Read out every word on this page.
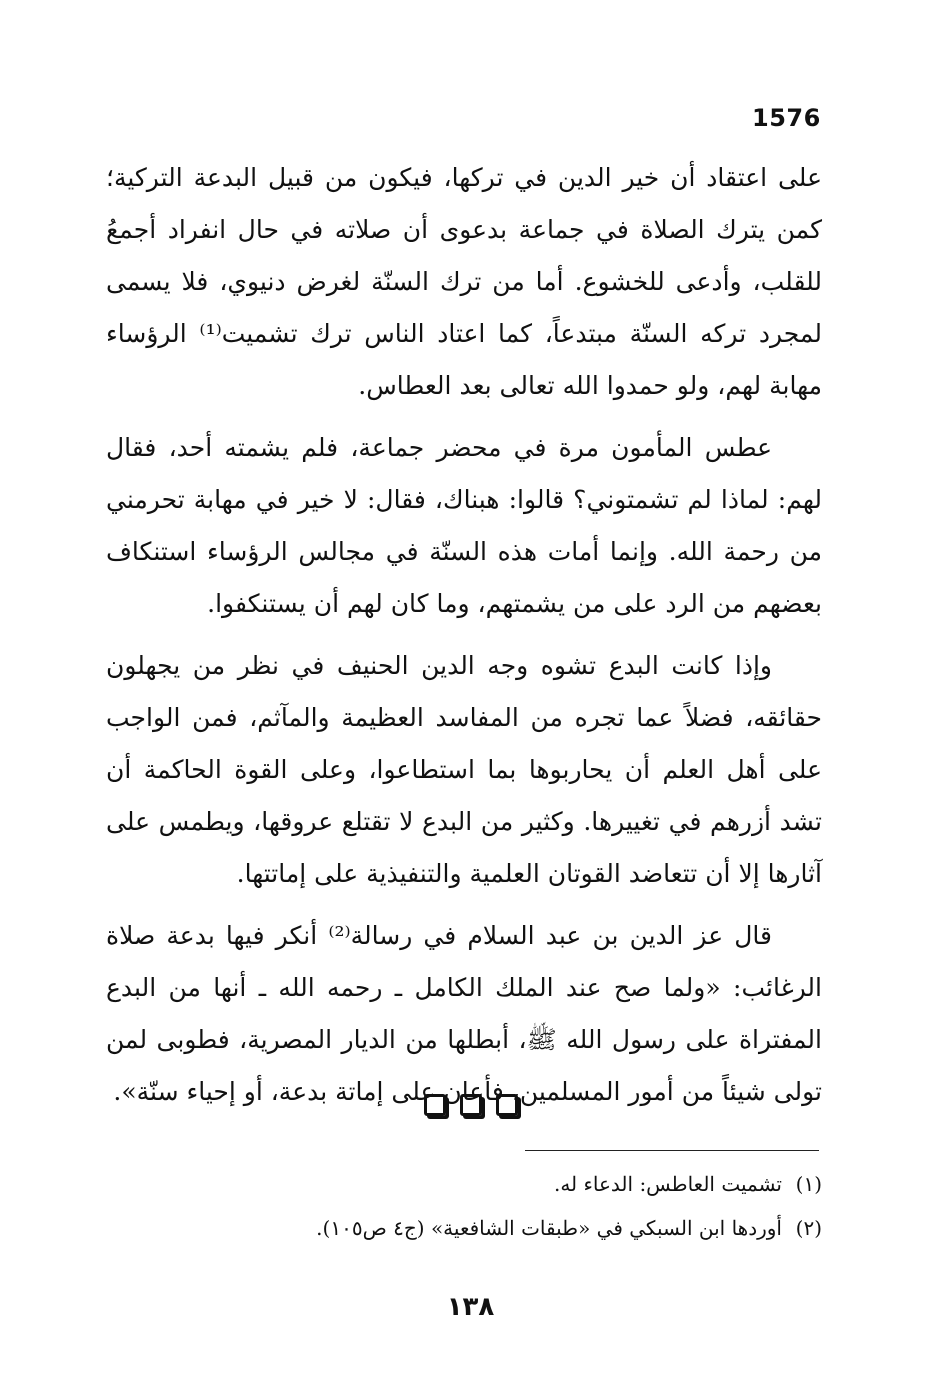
1576

على اعتقاد أن خير الدين في تركها، فيكون من قبيل البدعة التركية؛ كمن يترك الصلاة في جماعة بدعوى أن صلاته في حال انفراد أجمعُ للقلب، وأدعى للخشوع. أما من ترك السنّة لغرض دنيوي، فلا يسمى لمجرد تركه السنّة مبتدعاً، كما اعتاد الناس ترك تشميت⁽¹⁾ الرؤساء مهابة لهم، ولو حمدوا الله تعالى بعد العطاس.

عطس المأمون مرة في محضر جماعة، فلم يشمته أحد، فقال لهم: لماذا لم تشمتوني؟ قالوا: هبناك، فقال: لا خير في مهابة تحرمني من رحمة الله. وإنما أمات هذه السنّة في مجالس الرؤساء استنكاف بعضهم من الرد على من يشمتهم، وما كان لهم أن يستنكفوا.

وإذا كانت البدع تشوه وجه الدين الحنيف في نظر من يجهلون حقائقه، فضلاً عما تجره من المفاسد العظيمة والمآثم، فمن الواجب على أهل العلم أن يحاربوها بما استطاعوا، وعلى القوة الحاكمة أن تشد أزرهم في تغييرها. وكثير من البدع لا تقتلع عروقها، ويطمس على آثارها إلا أن تتعاضد القوتان العلمية والتنفيذية على إماتتها.

قال عز الدين بن عبد السلام في رسالة⁽²⁾ أنكر فيها بدعة صلاة الرغائب: «ولما صح عند الملك الكامل ـ رحمه الله ـ أنها من البدع المفتراة على رسول الله ﷺ، أبطلها من الديار المصرية، فطوبى لمن تولى شيئاً من أمور المسلمين، فأعان على إماتة بدعة، أو إحياء سنّة».

(١)
تشميت العاطس: الدعاء له.
(٢)
أوردها ابن السبكي في «طبقات الشافعية» (ج٤ ص١٠٥).
١٣٨
